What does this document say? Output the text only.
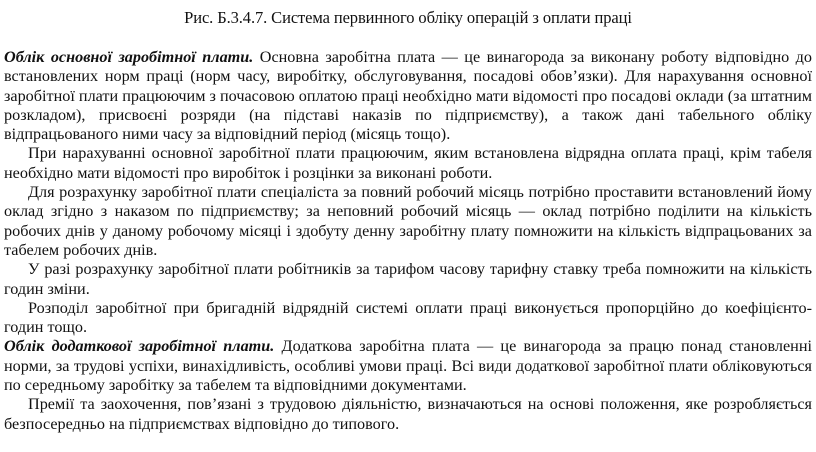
Рис. Б.3.4.7. Система первинного обліку операцій з оплати праці

Облік основної заробітної плати. Основна заробітна плата — це винагорода за виконану роботу відповідно до встановлених норм праці (норм часу, виробітку, обслуговування, посадові обов’язки). Для нарахування основної заробітної плати працюючим з почасовою оплатою праці необхідно мати відомості про посадові оклади (за штатним розкладом), присвоєні розряди (на підставі наказів по підприємству), а також дані табельного обліку відпрацьованого ними часу за відповідний період (місяць тощо).

При нарахуванні основної заробітної плати працюючим, яким встановлена відрядна оплата праці, крім табеля необхідно мати відомості про виробіток і розцінки за виконані роботи.

Для розрахунку заробітної плати спеціаліста за повний робочий місяць потрібно проставити встановлений йому оклад згідно з наказом по підприємству; за неповний робочий місяць — оклад потрібно поділити на кількість робочих днів у даному робочому місяці і здобуту денну заробітну плату помножити на кількість відпрацьованих за табелем робочих днів.

У разі розрахунку заробітної плати робітників за тарифом часову тарифну ставку треба помножити на кількість годин зміни.

Розподіл заробітної при бригадній відрядній системі оплати праці виконується пропорційно до коефіцієнто-годин тощо.

Облік додаткової заробітної плати. Додаткова заробітна плата — це винагорода за працю понад становленні норми, за трудові успіхи, винахідливість, особливі умови праці. Всі види додаткової заробітної плати обліковуються по середньому заробітку за табелем та відповідними документами.

Премії та заохочення, пов’язані з трудовою діяльністю, визначаються на основі положення, яке розробляється безпосередньо на підприємствах відповідно до типового.
